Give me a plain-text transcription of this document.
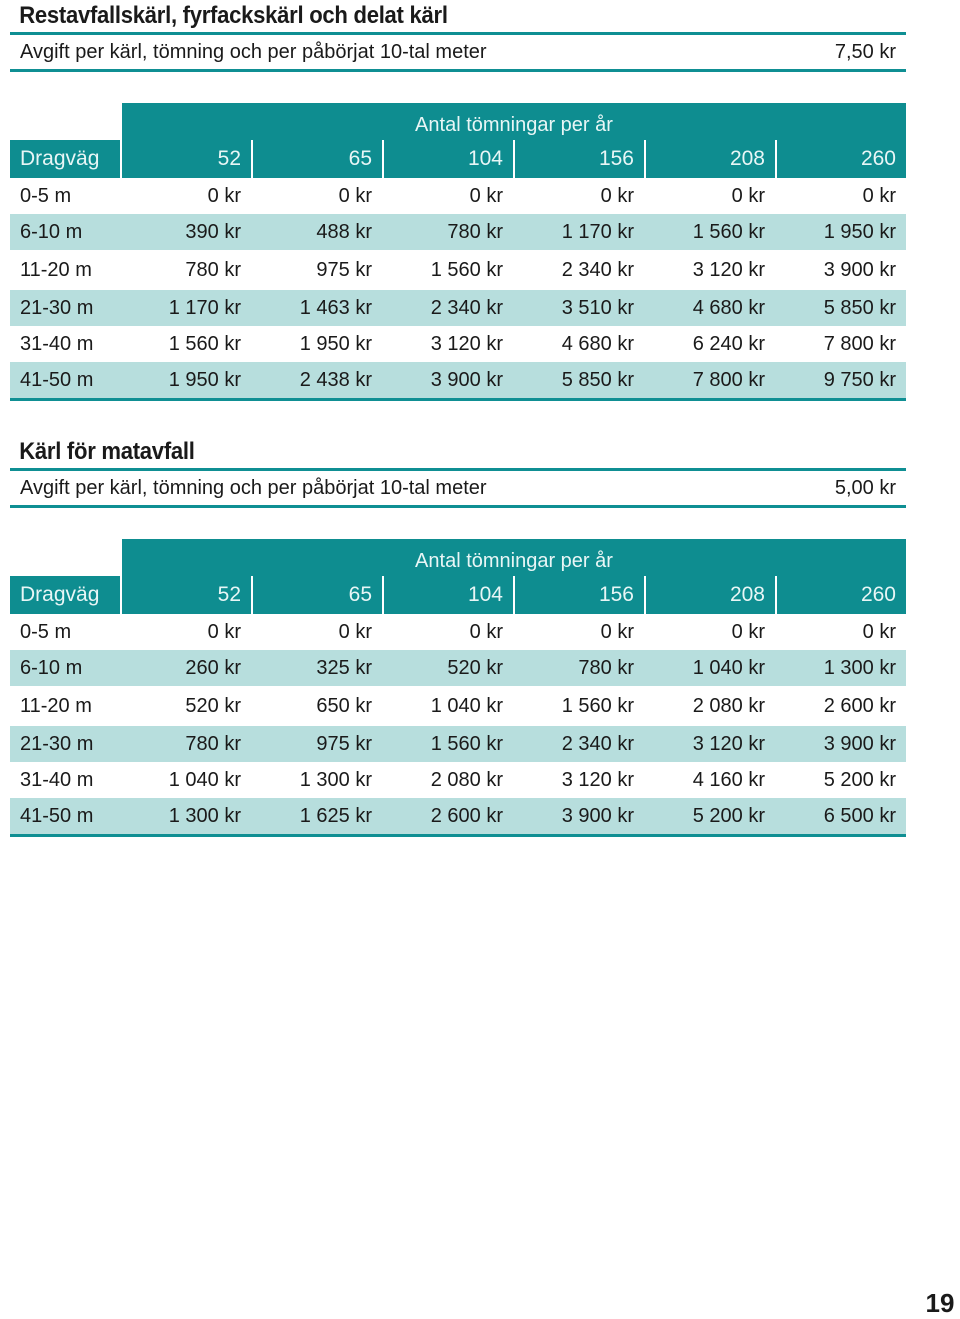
Restavfallskärl, fyrfackskärl och delat kärl
Avgift per kärl, tömning och per påbörjat 10-tal meter	7,50 kr
Antal tömningar per år
Dragväg	52	65	104	156	208	260
0-5 m	0 kr	0 kr	0 kr	0 kr	0 kr	0 kr
6-10 m	390 kr	488 kr	780 kr	1 170 kr	1 560 kr	1 950 kr
11-20 m	780 kr	975 kr	1 560 kr	2 340 kr	3 120 kr	3 900 kr
21-30 m	1 170 kr	1 463 kr	2 340 kr	3 510 kr	4 680 kr	5 850 kr
31-40 m	1 560 kr	1 950 kr	3 120 kr	4 680 kr	6 240 kr	7 800 kr
41-50 m	1 950 kr	2 438 kr	3 900 kr	5 850 kr	7 800 kr	9 750 kr
Kärl för matavfall
Avgift per kärl, tömning och per påbörjat 10-tal meter	5,00 kr
Antal tömningar per år
Dragväg	52	65	104	156	208	260
0-5 m	0 kr	0 kr	0 kr	0 kr	0 kr	0 kr
6-10 m	260 kr	325 kr	520 kr	780 kr	1 040 kr	1 300 kr
11-20 m	520 kr	650 kr	1 040 kr	1 560 kr	2 080 kr	2 600 kr
21-30 m	780 kr	975 kr	1 560 kr	2 340 kr	3 120 kr	3 900 kr
31-40 m	1 040 kr	1 300 kr	2 080 kr	3 120 kr	4 160 kr	5 200 kr
41-50 m	1 300 kr	1 625 kr	2 600 kr	3 900 kr	5 200 kr	6 500 kr
19
